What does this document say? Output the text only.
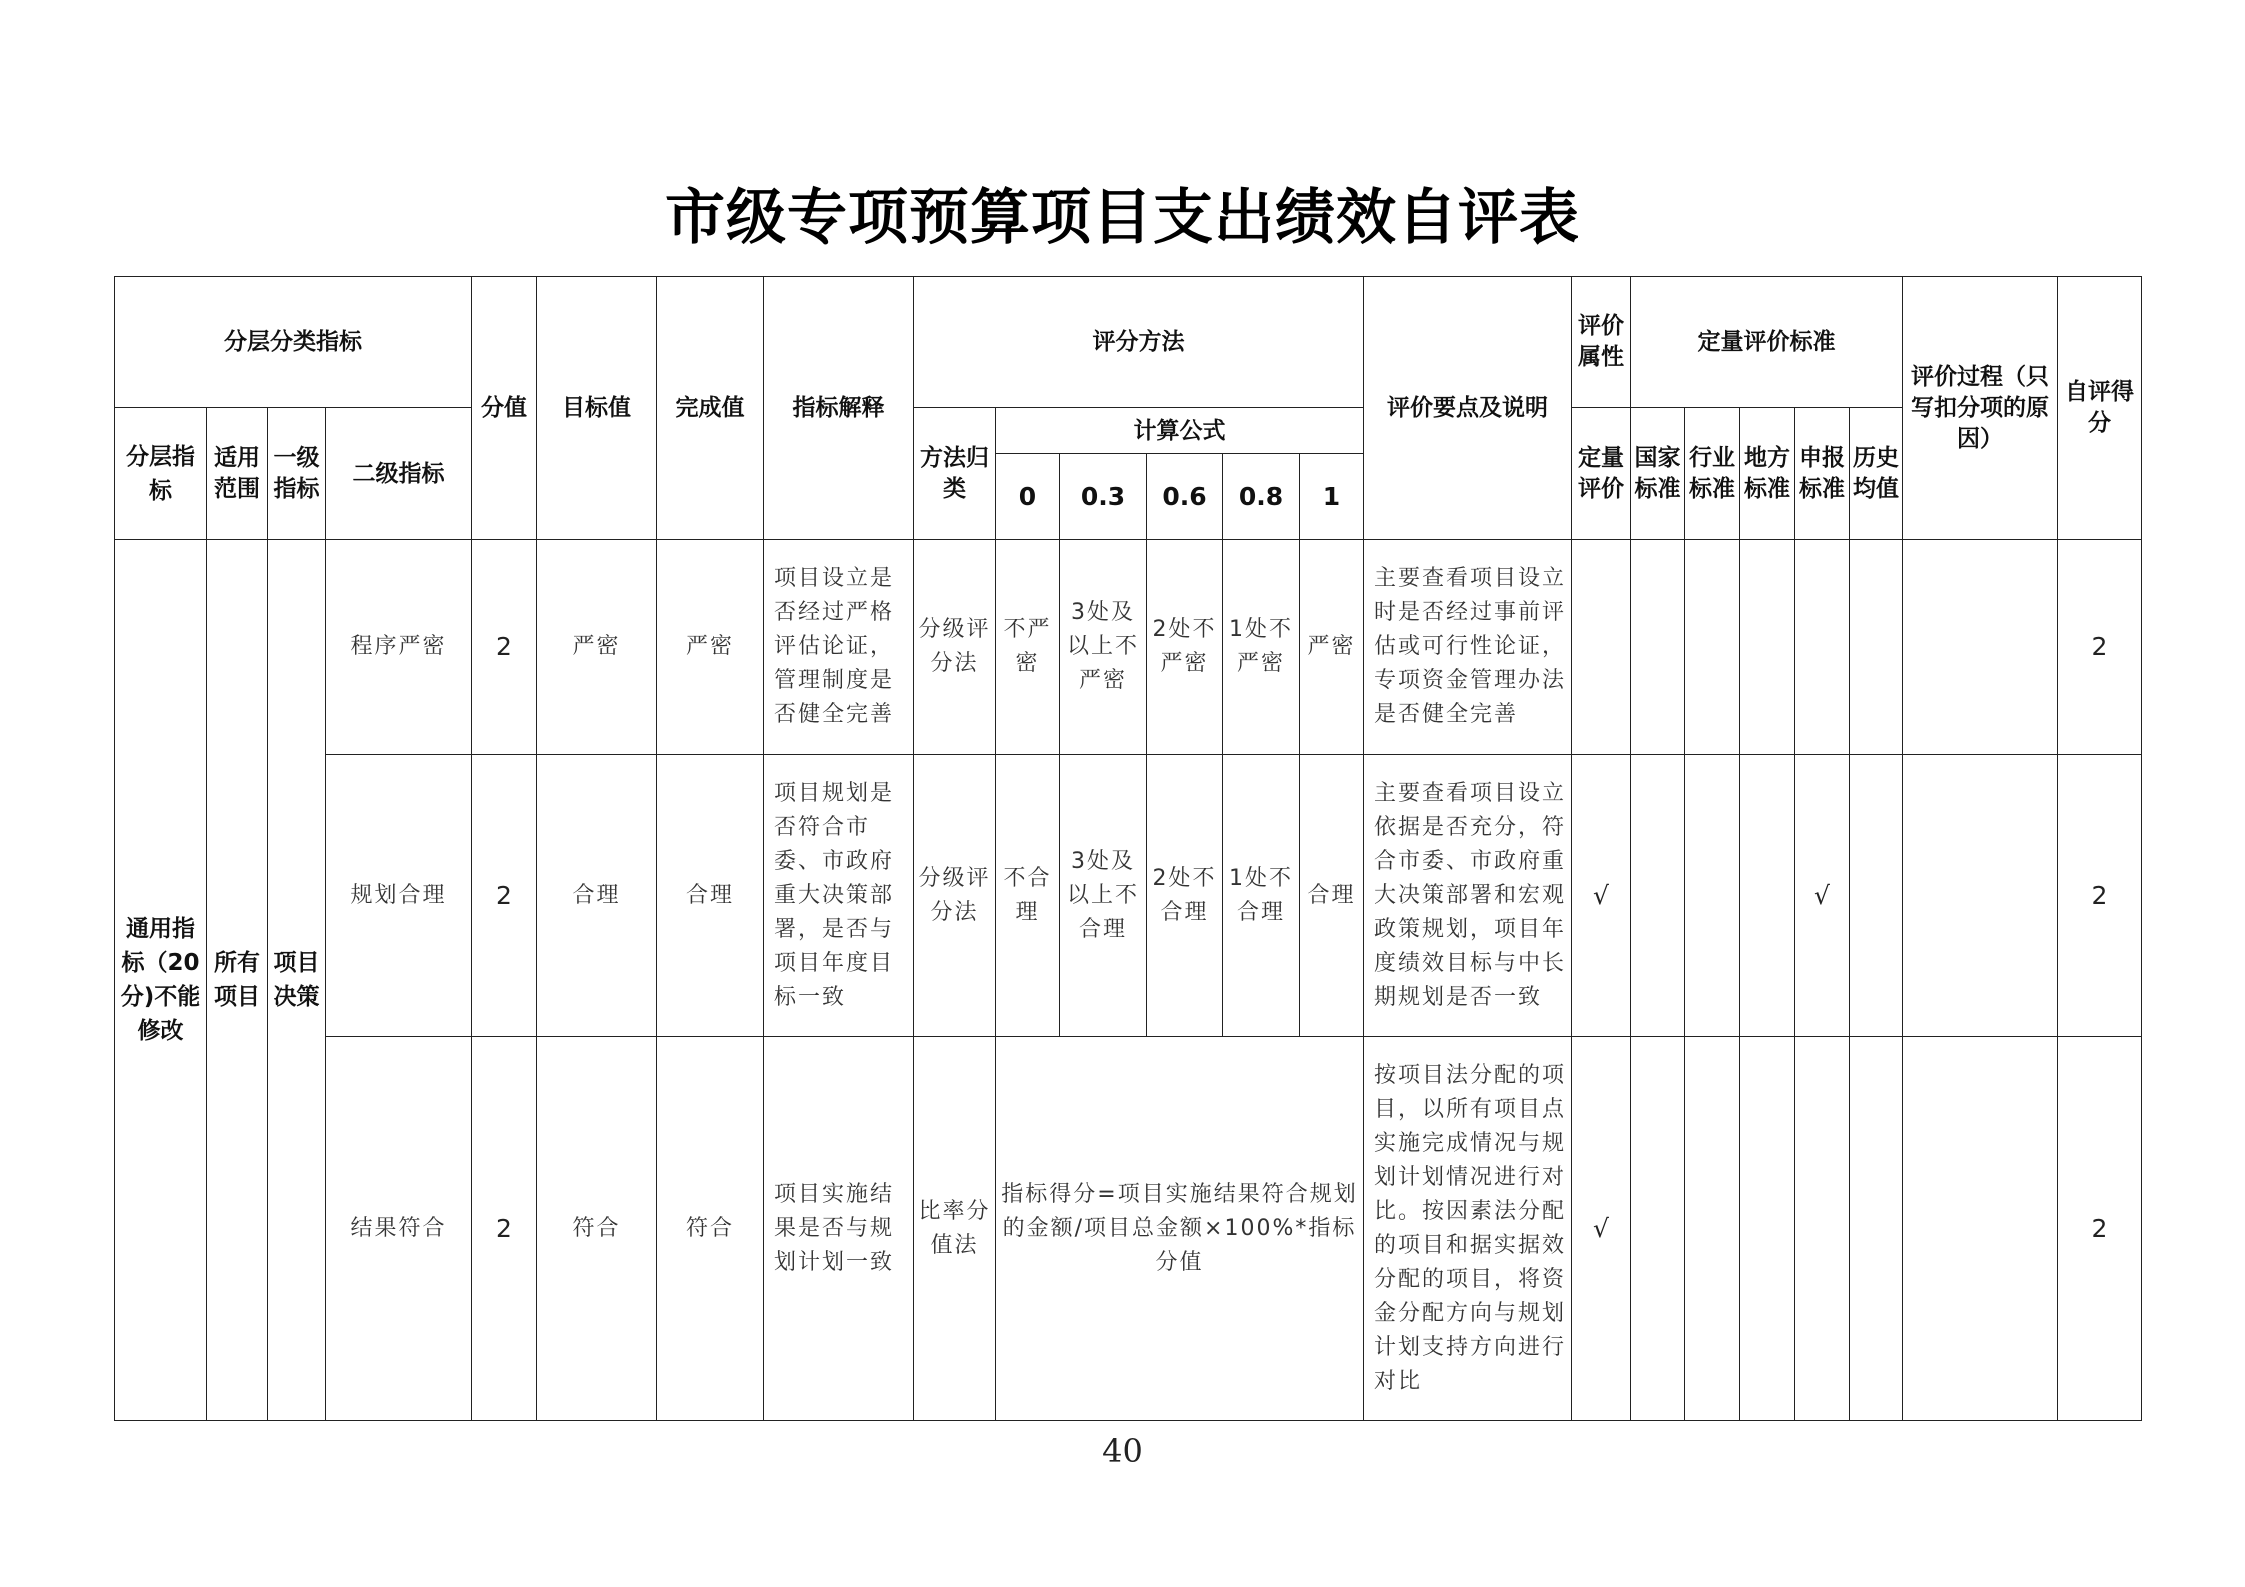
市级专项预算项目支出绩效自评表
分层分类指标				分值	目标值	完成值	指标解释	评分方法						评价要点及说明	评价属性	定量评价标准					评价过程（只写扣分项的原因）	自评得分
分层指标	适用范围	一级指标	二级指标					方法归类	计算公式						定量评价	国家标准	行业标准	地方标准	申报标准	历史均值		
									0	0.3	0.6	0.8	1									
通用指标（20分)不能修改	所有项目	项目决策	程序严密	2	严密	严密	项目设立是否经过严格评估论证，管理制度是否健全完善	分级评分法	不严密	3处及以上不严密	2处不严密	1处不严密	严密	主要查看项目设立时是否经过事前评估或可行性论证，专项资金管理办法是否健全完善								2
			规划合理	2	合理	合理	项目规划是否符合市委、市政府重大决策部署，是否与项目年度目标一致	分级评分法	不合理	3处及以上不合理	2处不合理	1处不合理	合理	主要查看项目设立依据是否充分，符合市委、市政府重大决策部署和宏观政策规划，项目年度绩效目标与中长期规划是否一致	√				√			2
			结果符合	2	符合	符合	项目实施结果是否与规划计划一致	比率分值法	指标得分=项目实施结果符合规划的金额/项目总金额×100%*指标分值					按项目法分配的项目，以所有项目点实施完成情况与规划计划情况进行对比。按因素法分配的项目和据实据效分配的项目，将资金分配方向与规划计划支持方向进行对比	√							2
40
